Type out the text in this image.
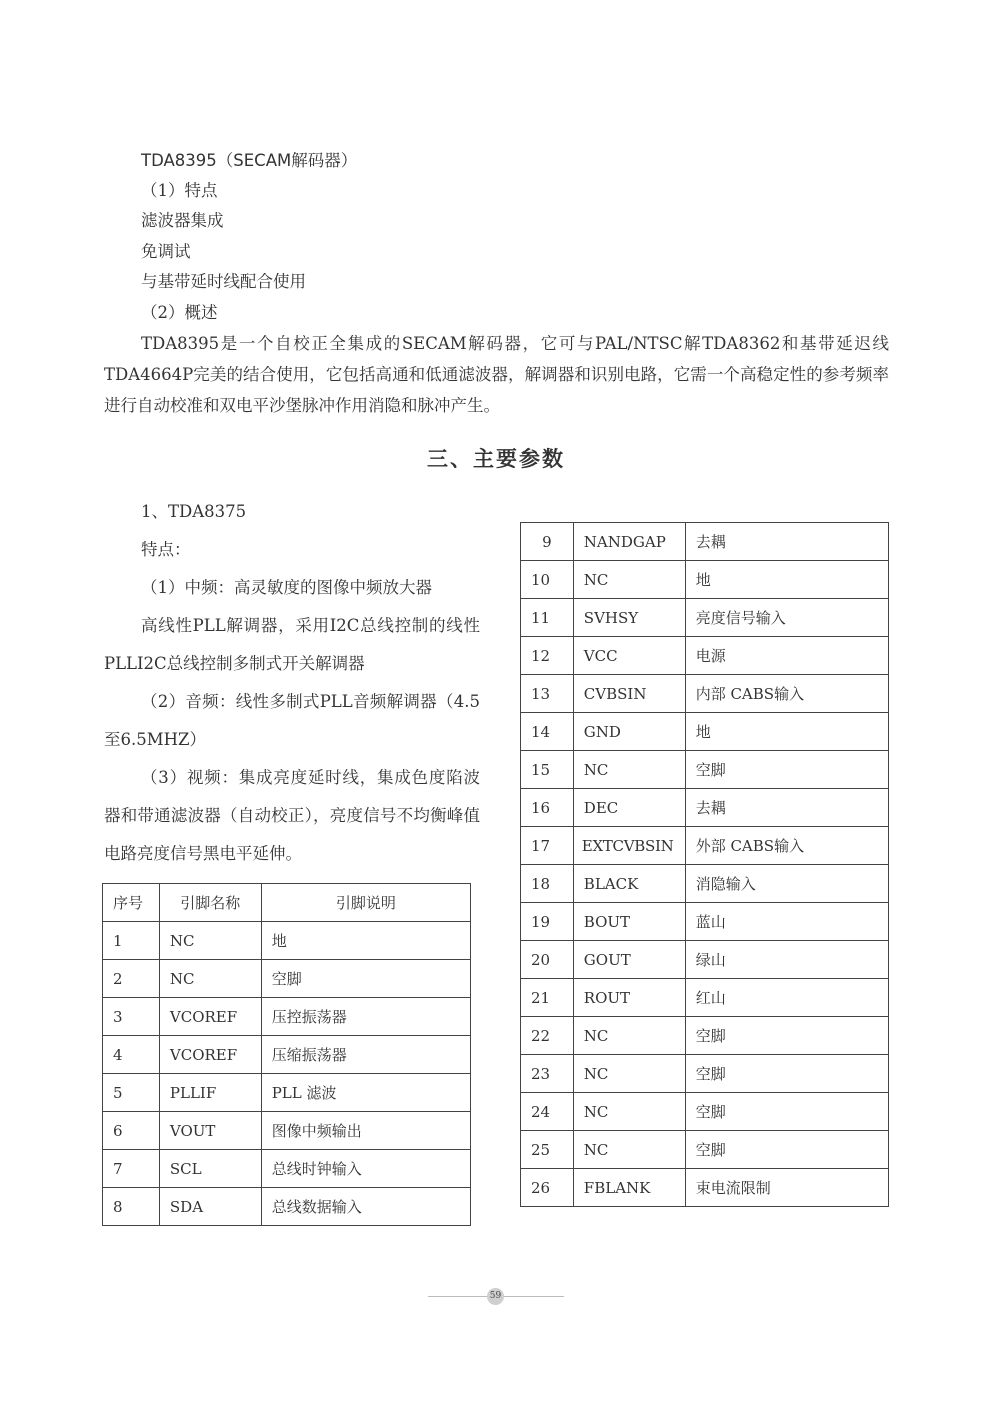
TDA8395（SECAM解码器）
（1）特点
滤波器集成
免调试
与基带延时线配合使用
（2）概述

TDA8395是一个自校正全集成的SECAM解码器，它可与PAL/NTSC解TDA8362和基带延迟线TDA4664P完美的结合使用，它包括高通和低通滤波器，解调器和识别电路，它需一个高稳定性的参考频率进行自动校准和双电平沙堡脉冲作用消隐和脉冲产生。

三、主要参数

1、TDA8375

特点：

（1）中频：高灵敏度的图像中频放大器

高线性PLL解调器，采用I2C总线控制的线性PLLI2C总线控制多制式开关解调器

（2）音频：线性多制式PLL音频解调器（4.5至6.5MHZ）

（3）视频：集成亮度延时线，集成色度陷波器和带通滤波器（自动校正），亮度信号不均衡峰值电路亮度信号黑电平延伸。

序号	引脚名称	引脚说明
1	NC	地
2	NC	空脚
3	VCOREF	压控振荡器
4	VCOREF	压缩振荡器
5	PLLIF	PLL 滤波
6	VOUT	图像中频输出
7	SCL	总线时钟输入
8	SDA	总线数据输入
9	NANDGAP	去耦
10	NC	地
11	SVHSY	亮度信号输入
12	VCC	电源
13	CVBSIN	内部 CABS输入
14	GND	地
15	NC	空脚
16	DEC	去耦
17	EXTCVBSIN	外部 CABS输入
18	BLACK	消隐输入
19	BOUT	蓝山
20	GOUT	绿山
21	ROUT	红山
22	NC	空脚
23	NC	空脚
24	NC	空脚
25	NC	空脚
26	FBLANK	束电流限制
59
